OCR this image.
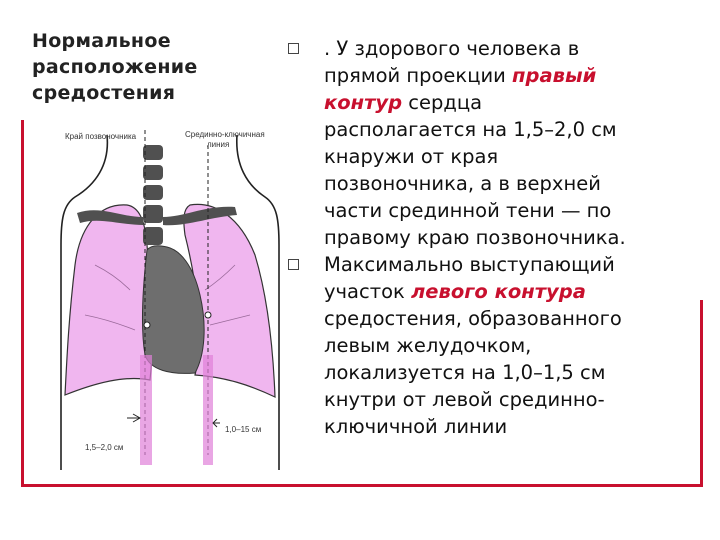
Нормальное
расположение
средостения
Край позвоночника	Срединно-ключичная
линия
1,0–15 см
1,5–2,0 см
. У здорового человека в
прямой проекции правый
контур сердца
располагается на 1,5–2,0 см
кнаружи от края
позвоночника, а в верхней
части срединной тени — по
правому краю позвоночника.
Максимально выступающий
участок левого контура
средостения, образованного
левым желудочком,
локализуется на 1,0–1,5 см
кнутри от левой срединно-
ключичной линии
